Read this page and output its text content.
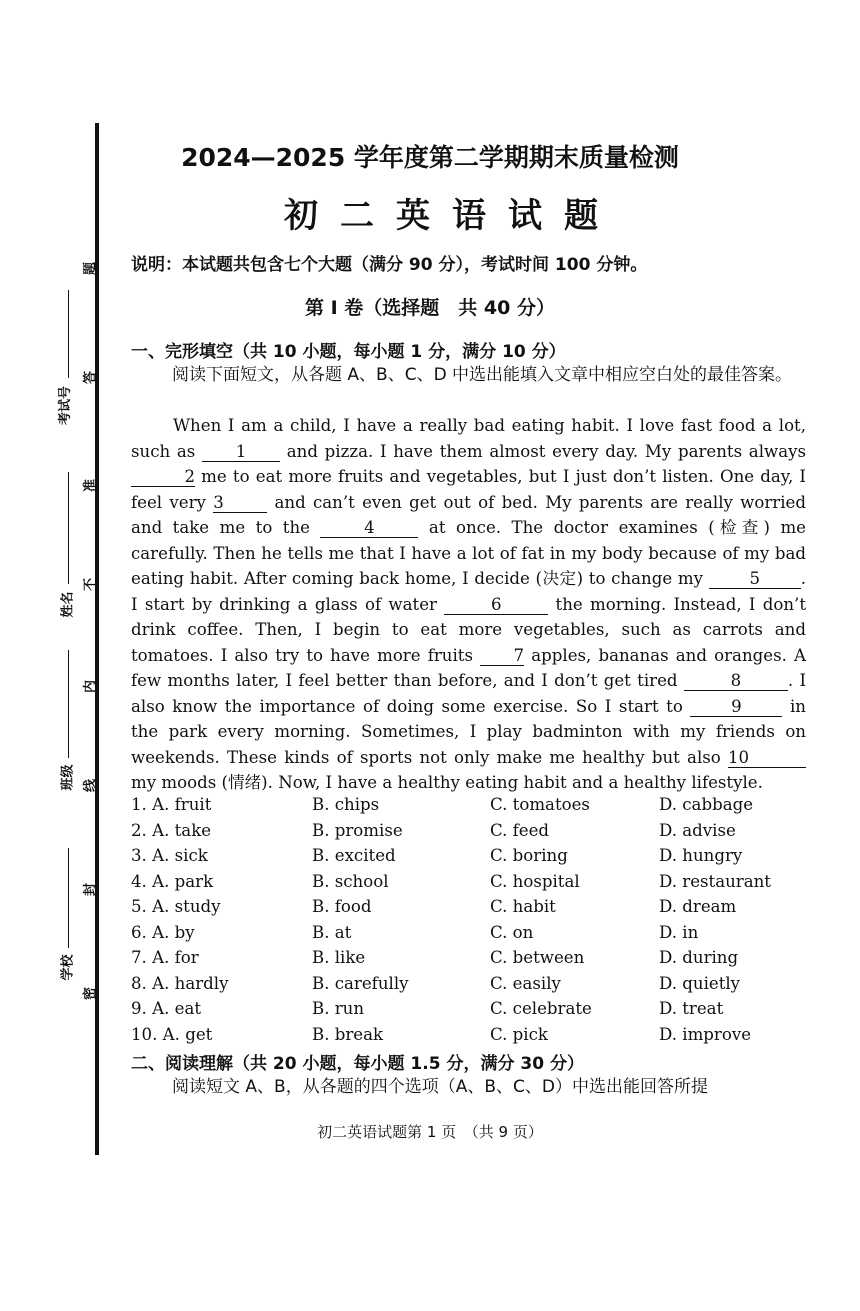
考试号
姓名
班级
学校
题
答
准
不
内
线
封
密
2024—2025 学年度第二学期期末质量检测
初二英语试题
说明：本试题共包含七个大题（满分 90 分），考试时间 100 分钟。
第 I 卷（选择题　共 40 分）
一、完形填空（共 10 小题，每小题 1 分，满分 10 分）
阅读下面短文，从各题 A、B、C、D 中选出能填入文章中相应空白处的最佳答案。

When I am a child, I have a really bad eating habit. I love fast food a lot, such as 1 and pizza. I have them almost every day. My parents always 2 me to eat more fruits and vegetables, but I just don’t listen. One day, I feel very 3	and can’t even get out of bed. My parents are really worried and take me to the	4	at once. The doctor examines (检查) me carefully. Then he tells me that I have a lot of fat in my body because of my bad eating habit. After coming back home, I decide (决定) to change my 5 . I start by drinking a glass of water	6	the morning. Instead, I don’t drink coffee. Then, I begin to eat more vegetables, such as carrots and tomatoes. I also try to have more fruits 7 apples, bananas and oranges. A few months later, I feel better than before, and I don’t get tired	8	. I also know the importance of doing some exercise. So I start to 9 in the park every morning. Sometimes, I play badminton with my friends on weekends. These kinds of sports not only make me healthy but also 10 my moods (情绪). Now, I have a healthy eating habit and a healthy lifestyle.

1. A. fruit	B. chips	C. tomatoes	D. cabbage
2. A. take	B. promise	C. feed	D. advise
3. A. sick	B. excited	C. boring	D. hungry
4. A. park	B. school	C. hospital	D. restaurant
5. A. study	B. food	C. habit	D. dream
6. A. by	B. at	C. on	D. in
7. A. for	B. like	C. between	D. during
8. A. hardly	B. carefully	C. easily	D. quietly
9. A. eat	B. run	C. celebrate	D. treat
10. A. get	B. break	C. pick	D. improve
二、阅读理解（共 20 小题，每小题 1.5 分，满分 30 分）
阅读短文 A、B，从各题的四个选项（A、B、C、D）中选出能回答所提
初二英语试题第 1 页　（共 9 页）
